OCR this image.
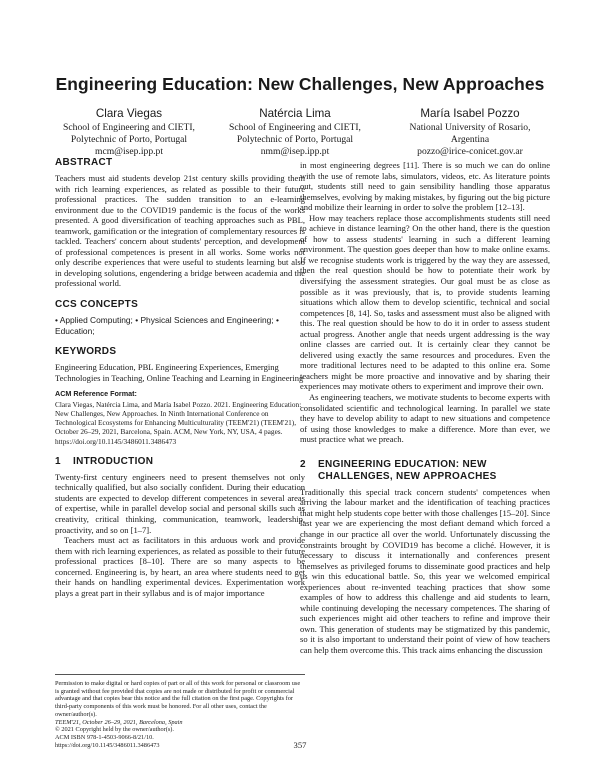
Engineering Education: New Challenges, New Approaches
Clara Viegas
School of Engineering and CIETI,
Polytechnic of Porto, Portugal
mcm@isep.ipp.pt
Natércia Lima
School of Engineering and CIETI,
Polytechnic of Porto, Portugal
nmm@isep.ipp.pt
María Isabel Pozzo
National University of Rosario,
Argentina
pozzo@irice-conicet.gov.ar
ABSTRACT

Teachers must aid students develop 21st century skills providing them with rich learning experiences, as related as possible to their future professional practices. The sudden transition to an e-learning environment due to the COVID19 pandemic is the focus of the works presented. A good diversification of teaching approaches such as PBL, teamwork, gamification or the integration of complementary resources is tackled. Teachers' concern about students' perception, and development of professional competences is present in all works. Some works not only describe experiences that were useful to students learning but also in developing solutions, engendering a bridge between academia and the professional world.

CCS CONCEPTS

• Applied Computing; • Physical Sciences and Engineering; • Education;

KEYWORDS

Engineering Education, PBL Engineering Experiences, Emerging Technologies in Teaching, Online Teaching and Learning in Engineering

ACM Reference Format:

Clara Viegas, Natércia Lima, and María Isabel Pozzo. 2021. Engineering Education: New Challenges, New Approaches. In Ninth International Conference on Technological Ecosystems for Enhancing Multiculturality (TEEM'21) (TEEM'21), October 26–29, 2021, Barcelona, Spain. ACM, New York, NY, USA, 4 pages. https://doi.org/10.1145/3486011.3486473

1 INTRODUCTION

Twenty-first century engineers need to present themselves not only technically qualified, but also socially confident. During their education students are expected to develop different competences in several areas of expertise, while in parallel develop social and personal skills such as creativity, critical thinking, communication, teamwork, leadership, proactivity, and so on [1–7].

Teachers must act as facilitators in this arduous work and provide them with rich learning experiences, as related as possible to their future professional practices [8–10]. There are so many aspects to be concerned. Engineering is, by heart, an area where students need to get their hands on handling experimental devices. Experimentation work plays a great part in their syllabus and is of major importance

in most engineering degrees [11]. There is so much we can do online with the use of remote labs, simulators, videos, etc. As literature points out, students still need to gain sensibility handling those apparatus themselves, evolving by making mistakes, by figuring out the big picture and mobilize their learning in order to solve the problem [12–13].

How may teachers replace those accomplishments students still need to achieve in distance learning? On the other hand, there is the question of how to assess students' learning in such a different learning environment. The question goes deeper than how to make online exams. If we recognise students work is triggered by the way they are assessed, then the real question should be how to potentiate their work by diversifying the assessment strategies. Our goal must be as close as possible as it was previously, that is, to provide students learning situations which allow them to develop scientific, technical and social competences [8, 14]. So, tasks and assessment must also be aligned with this. The real question should be how to do it in order to assess student actual progress. Another angle that needs urgent addressing is the way online classes are carried out. It is certainly clear they cannot be delivered using exactly the same resources and procedures. Even the more traditional lectures need to be adapted to this online era. Some teachers might be more proactive and innovative and by sharing their experiences may motivate others to experiment and improve their own.

As engineering teachers, we motivate students to become experts with consolidated scientific and technological learning. In parallel we state they have to develop ability to adapt to new situations and competence of using those knowledges to make a difference. More than ever, we must practice what we preach.

2	ENGINEERING EDUCATION: NEW CHALLENGES, NEW APPROACHES

Traditionally this special track concern students' competences when arriving the labour market and the identification of teaching practices that might help students cope better with those challenges [15–20]. Since last year we are experiencing the most defiant demand which forced a change in our practice all over the world. Unfortunately discussing the constraints brought by COVID19 has become a cliché. However, it is necessary to discuss it internationally and conferences present themselves as privileged forums to disseminate good practices and help us win this educational battle. So, this year we welcomed empirical experiences about re-invented teaching practices that show some examples of how to address this challenge and aid students to learn, while continuing developing the necessary competences. The sharing of such experiences might aid other teachers to refine and improve their own. This generation of students may be stigmatized by this pandemic, so it is also important to understand their point of view of how teachers can help them overcome this. This track aims enhancing the discussion

Permission to make digital or hard copies of part or all of this work for personal or classroom use is granted without fee provided that copies are not made or distributed for profit or commercial advantage and that copies bear this notice and the full citation on the first page. Copyrights for third-party components of this work must be honored. For all other uses, contact the owner/author(s).
TEEM'21, October 26–29, 2021, Barcelona, Spain
© 2021 Copyright held by the owner/author(s).
ACM ISBN 978-1-4503-9066-8/21/10.
https://doi.org/10.1145/3486011.3486473	357
